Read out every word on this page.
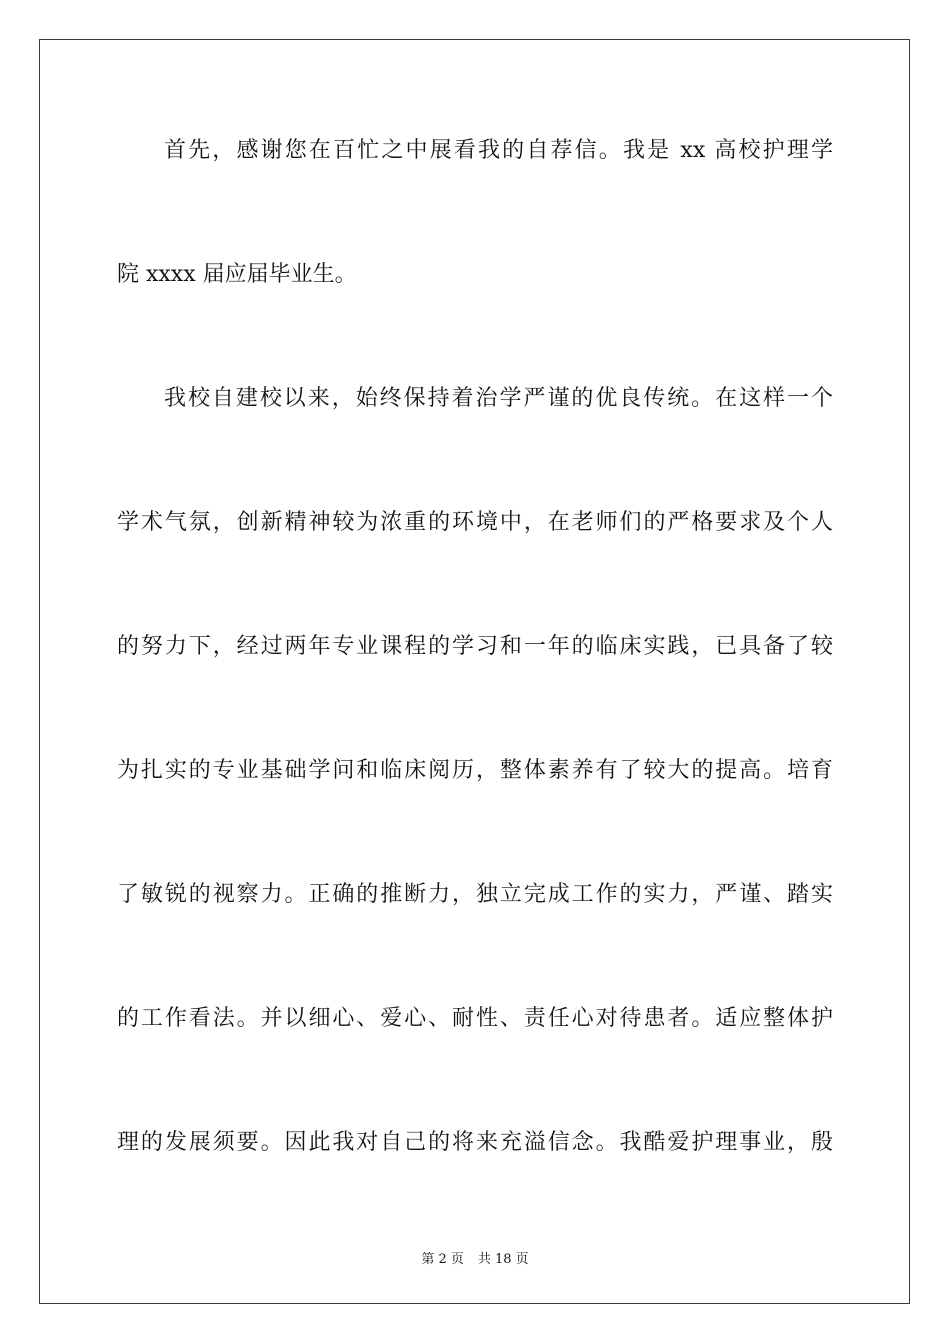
首先，感谢您在百忙之中展看我的自荐信。我是 xx 高校护理学
院 xxxx 届应届毕业生。
我校自建校以来，始终保持着治学严谨的优良传统。在这样一个
学术气氛，创新精神较为浓重的环境中，在老师们的严格要求及个人
的努力下，经过两年专业课程的学习和一年的临床实践，已具备了较
为扎实的专业基础学问和临床阅历，整体素养有了较大的提高。培育
了敏锐的视察力。正确的推断力，独立完成工作的实力，严谨、踏实
的工作看法。并以细心、爱心、耐性、责任心对待患者。适应整体护
理的发展须要。因此我对自己的将来充溢信念。我酷爱护理事业，殷
第 2 页 共 18 页
